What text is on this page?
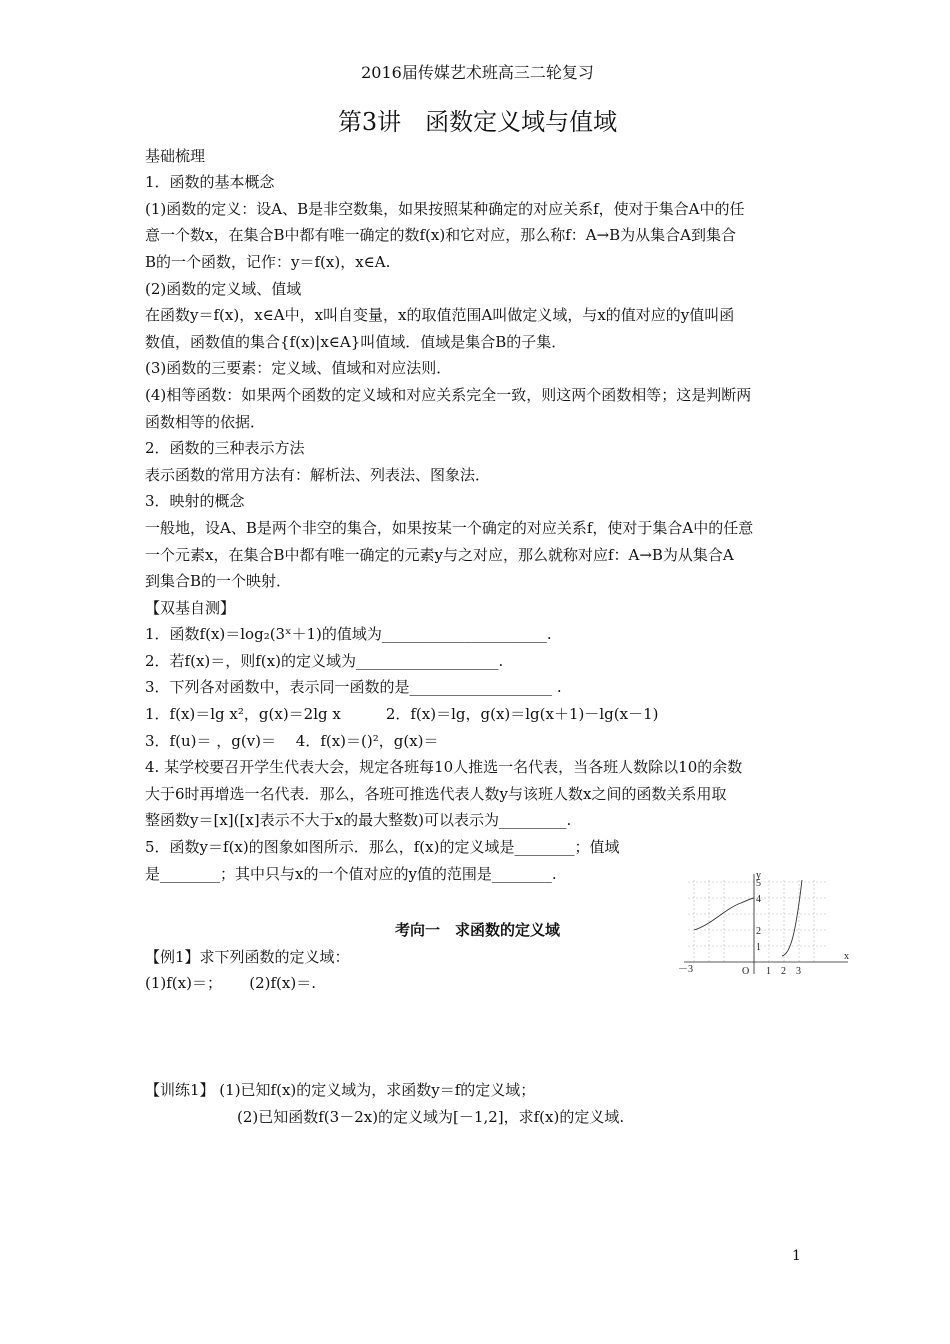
2016届传媒艺术班高三二轮复习
第3讲　函数定义域与值域
基础梳理
1．函数的基本概念
(1)函数的定义：设A、B是非空数集，如果按照某种确定的对应关系f，使对于集合A中的任
意一个数x，在集合B中都有唯一确定的数f(x)和它对应，那么称f：A→B为从集合A到集合
B的一个函数，记作：y＝f(x)，x∈A.
(2)函数的定义域、值域
在函数y＝f(x)，x∈A中，x叫自变量，x的取值范围A叫做定义域，与x的值对应的y值叫函
数值，函数值的集合{f(x)|x∈A}叫值域．值域是集合B的子集．
(3)函数的三要素：定义域、值域和对应法则．
(4)相等函数：如果两个函数的定义域和对应关系完全一致，则这两个函数相等；这是判断两
函数相等的依据．
2．函数的三种表示方法
表示函数的常用方法有：解析法、列表法、图象法．
3．映射的概念
一般地，设A、B是两个非空的集合，如果按某一个确定的对应关系f，使对于集合A中的任意
一个元素x，在集合B中都有唯一确定的元素y与之对应，那么就称对应f：A→B为从集合A
到集合B的一个映射．
【双基自测】
1．函数f(x)＝log₂(3ˣ＋1)的值域为______________________.
2．若f(x)＝，则f(x)的定义域为___________________.
3．下列各对函数中，表示同一函数的是___________________ .
1．f(x)＝lg x²，g(x)＝2lg x　　　2．f(x)＝lg，g(x)＝lg(x＋1)－lg(x－1)
3．f(u)＝ ，g(v)＝　 4．f(x)＝()²，g(x)＝
4. 某学校要召开学生代表大会，规定各班每10人推选一名代表，当各班人数除以10的余数
大于6时再增选一名代表．那么，各班可推选代表人数y与该班人数x之间的函数关系用取
整函数y＝[x]([x]表示不大于x的最大整数)可以表示为_________.
5．函数y＝f(x)的图象如图所示．那么，f(x)的定义域是________；值域
是________；其中只与x的一个值对应的y值的范围是________.
考向一　求函数的定义域
【例1】求下列函数的定义域：
(1)f(x)＝；　　 (2)f(x)＝.
【训练1】 (1)已知f(x)的定义域为，求函数y＝f的定义域；
(2)已知函数f(3－2x)的定义域为[－1,2]，求f(x)的定义域.
y
x
5
4
2
1
－3	O 1 2 3
1
